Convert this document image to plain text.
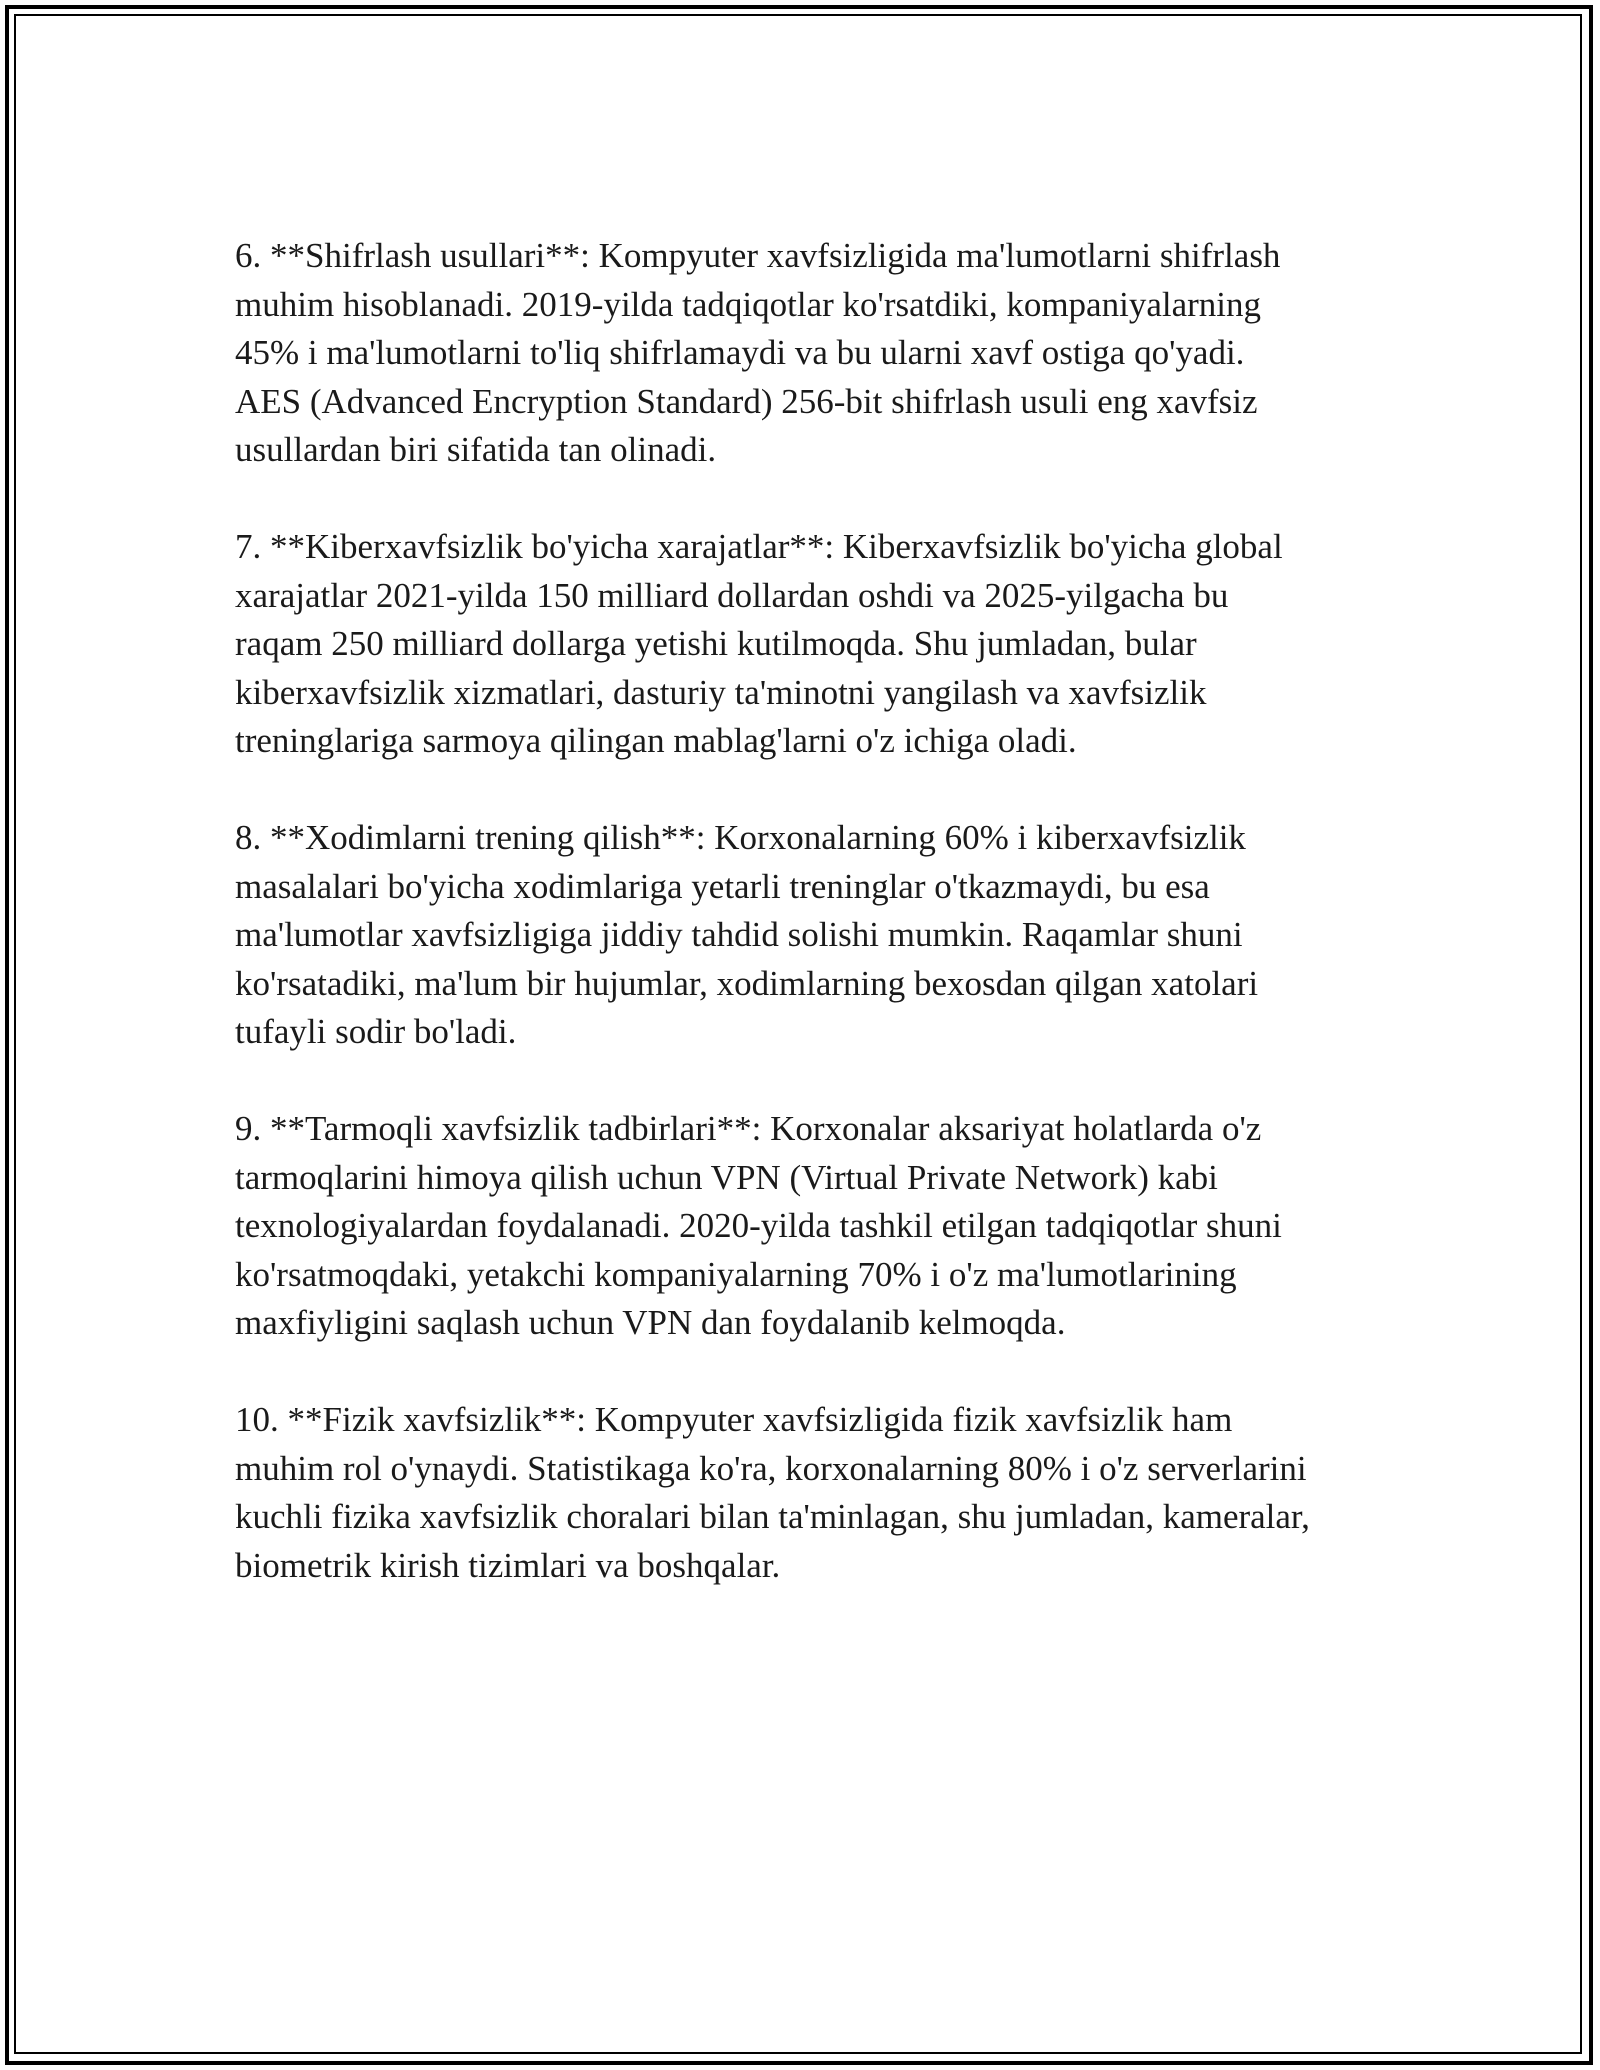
6. **Shifrlash usullari**: Kompyuter xavfsizligida ma'lumotlarni shifrlash
muhim hisoblanadi. 2019-yilda tadqiqotlar ko'rsatdiki, kompaniyalarning
45% i ma'lumotlarni to'liq shifrlamaydi va bu ularni xavf ostiga qo'yadi.
AES (Advanced Encryption Standard) 256-bit shifrlash usuli eng xavfsiz
usullardan biri sifatida tan olinadi.

7. **Kiberxavfsizlik bo'yicha xarajatlar**: Kiberxavfsizlik bo'yicha global
xarajatlar 2021-yilda 150 milliard dollardan oshdi va 2025-yilgacha bu
raqam 250 milliard dollarga yetishi kutilmoqda. Shu jumladan, bular
kiberxavfsizlik xizmatlari, dasturiy ta'minotni yangilash va xavfsizlik
treninglariga sarmoya qilingan mablag'larni o'z ichiga oladi.

8. **Xodimlarni trening qilish**: Korxonalarning 60% i kiberxavfsizlik
masalalari bo'yicha xodimlariga yetarli treninglar o'tkazmaydi, bu esa
ma'lumotlar xavfsizligiga jiddiy tahdid solishi mumkin. Raqamlar shuni
ko'rsatadiki, ma'lum bir hujumlar, xodimlarning bexosdan qilgan xatolari
tufayli sodir bo'ladi.

9. **Tarmoqli xavfsizlik tadbirlari**: Korxonalar aksariyat holatlarda o'z
tarmoqlarini himoya qilish uchun VPN (Virtual Private Network) kabi
texnologiyalardan foydalanadi. 2020-yilda tashkil etilgan tadqiqotlar shuni
ko'rsatmoqdaki, yetakchi kompaniyalarning 70% i o'z ma'lumotlarining
maxfiyligini saqlash uchun VPN dan foydalanib kelmoqda.

10. **Fizik xavfsizlik**: Kompyuter xavfsizligida fizik xavfsizlik ham
muhim rol o'ynaydi. Statistikaga ko'ra, korxonalarning 80% i o'z serverlarini
kuchli fizika xavfsizlik choralari bilan ta'minlagan, shu jumladan, kameralar,
biometrik kirish tizimlari va boshqalar.
